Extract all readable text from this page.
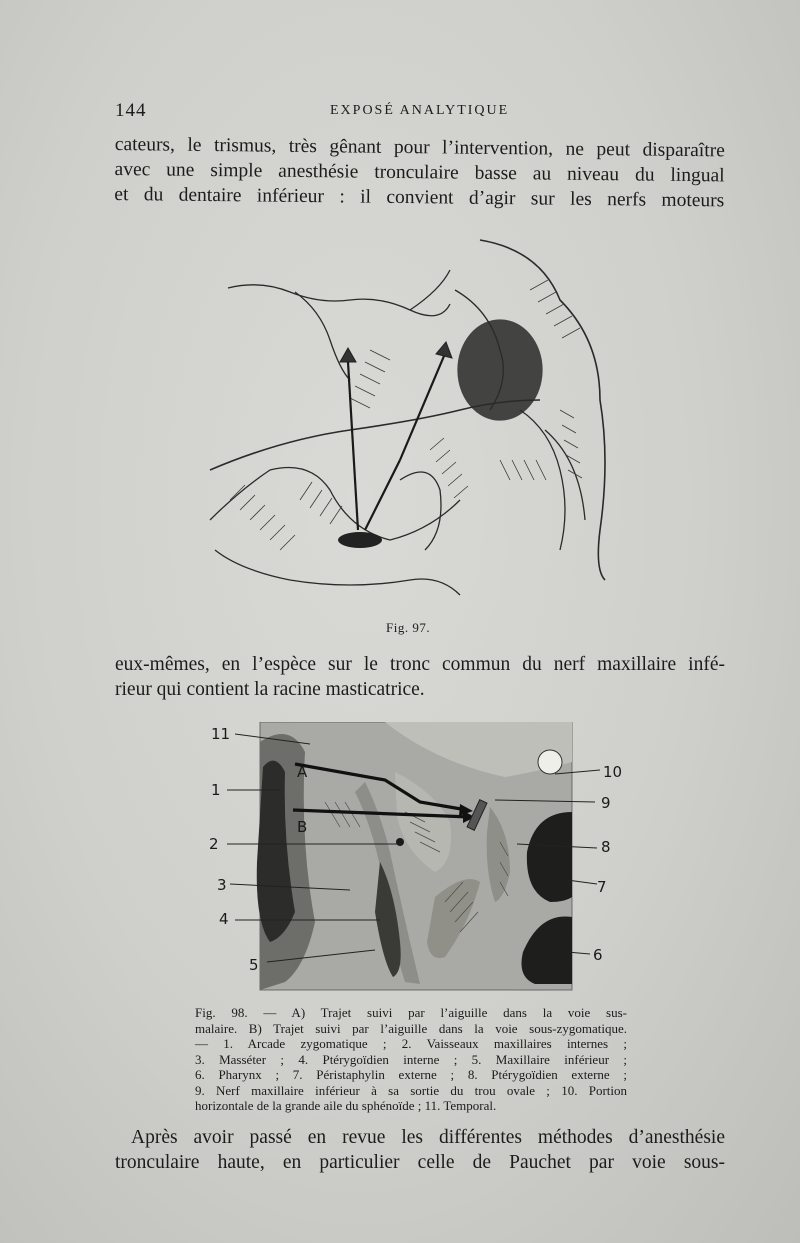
144	EXPOSÉ ANALYTIQUE
cateurs, le trismus, très gênant pour l’intervention, ne peut disparaître
avec une simple anesthésie tronculaire basse au niveau du lingual
et du dentaire inférieur : il convient d’agir sur les nerfs moteurs
Fig. 97.
eux-mêmes, en l’espèce sur le tronc commun du nerf maxillaire infé-
rieur qui contient la racine masticatrice.
11
1
2
3
4
5
10
9
8
7
6
A
B
Fig. 98. — A) Trajet suivi par l’aiguille dans la voie sus-
malaire. B) Trajet suivi par l’aiguille dans la voie sous-zygomatique.
— 1. Arcade zygomatique ; 2. Vaisseaux maxillaires internes ;
3. Masséter ; 4. Ptérygoïdien interne ; 5. Maxillaire inférieur ;
6. Pharynx ; 7. Péristaphylin externe ; 8. Ptérygoïdien externe ;
9. Nerf maxillaire inférieur à sa sortie du trou ovale ; 10. Portion
horizontale de la grande aile du sphénoïde ; 11. Temporal.
Après avoir passé en revue les différentes méthodes d’anesthésie
tronculaire haute, en particulier celle de Pauchet par voie sous-
